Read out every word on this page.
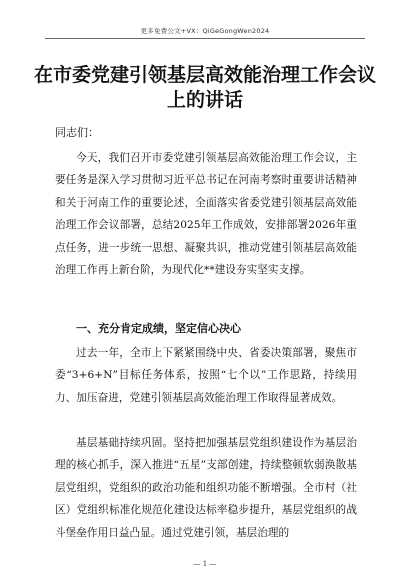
更多免费公文+VX：QiGeGongWen2024
在市委党建引领基层高效能治理工作会议上的讲话
同志们：

今天，我们召开市委党建引领基层高效能治理工作会议，主要任务是深入学习贯彻习近平总书记在河南考察时重要讲话精神和关于河南工作的重要论述，全面落实省委党建引领基层高效能治理工作会议部署，总结2025年工作成效，安排部署2026年重点任务，进一步统一思想、凝聚共识，推动党建引领基层高效能治理工作再上新台阶，为现代化**建设夯实坚实支撑。

一、充分肯定成绩，坚定信心决心

过去一年，全市上下紧紧围绕中央、省委决策部署，聚焦市委“3+6+N”目标任务体系，按照“七个以”工作思路，持续用力、加压奋进，党建引领基层高效能治理工作取得显著成效。

基层基础持续巩固。坚持把加强基层党组织建设作为基层治理的核心抓手，深入推进“五星”支部创建，持续整顿软弱涣散基层党组织，党组织的政治功能和组织功能不断增强。全市村（社区）党组织标准化规范化建设达标率稳步提升，基层党组织的战斗堡垒作用日益凸显。通过党建引领，基层治理的

— 1 —
